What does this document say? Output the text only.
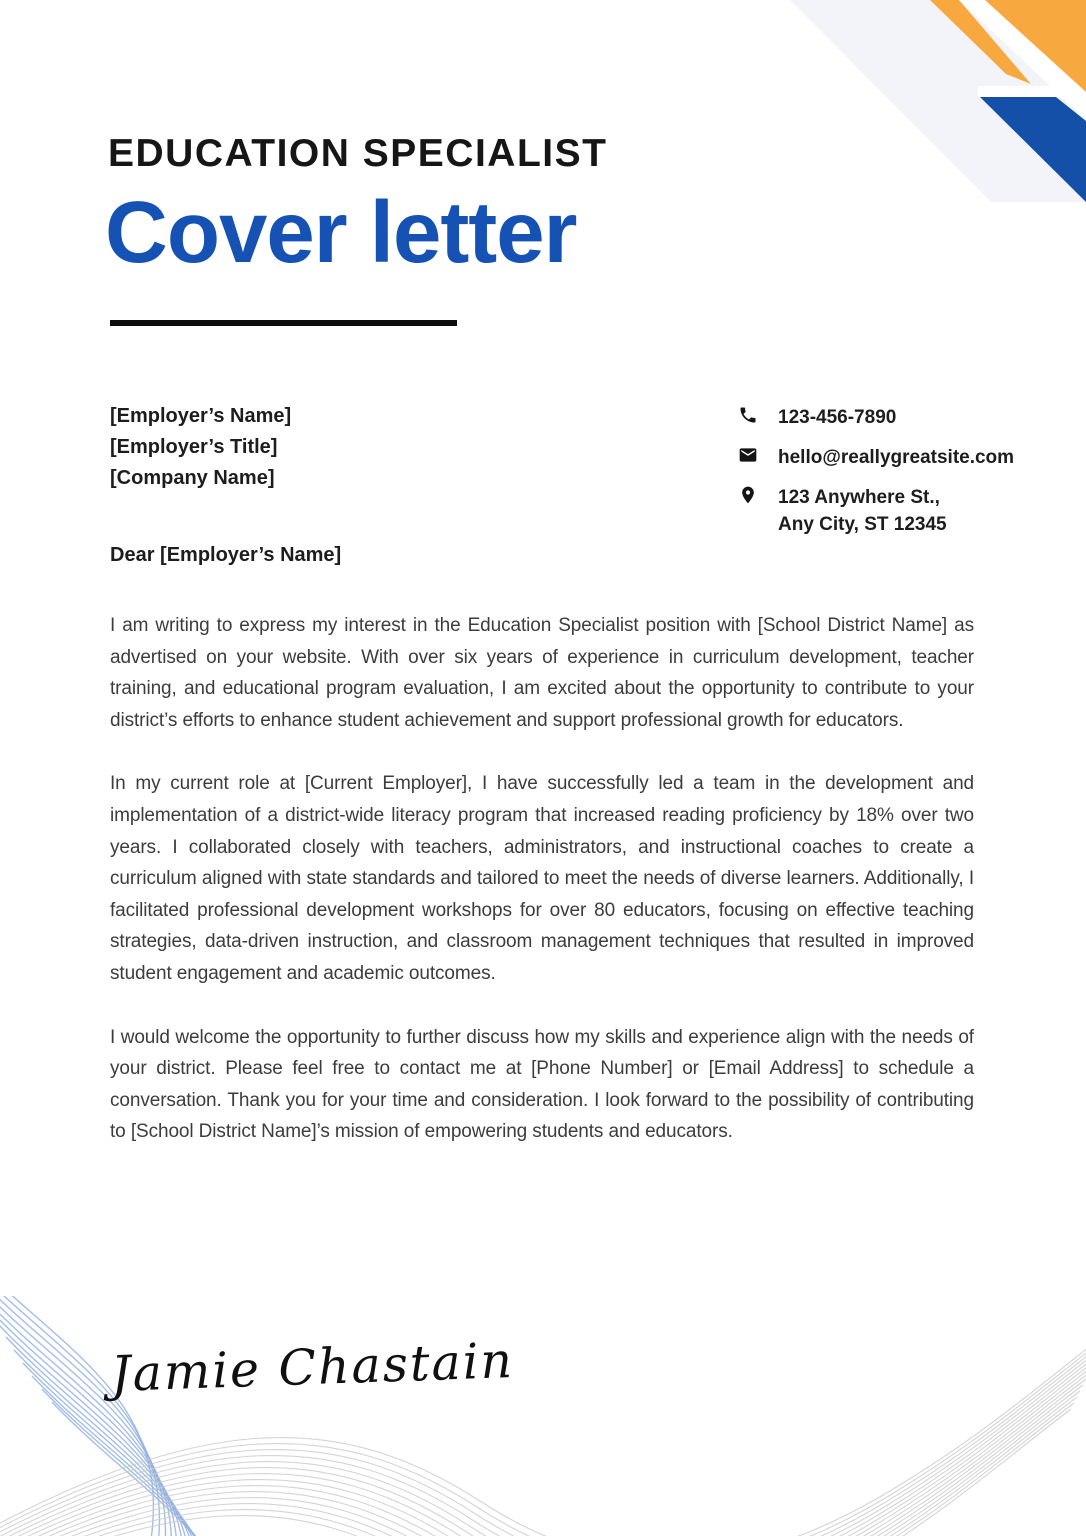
EDUCATION SPECIALIST
Cover letter
[Employer’s Name]
[Employer’s Title]
[Company Name]
123-456-7890
hello@reallygreatsite.com
123 Anywhere St.,
Any City, ST 12345
Dear [Employer’s Name]

I am writing to express my interest in the Education Specialist position with [School District Name] as advertised on your website. With over six years of experience in curriculum development, teacher training, and educational program evaluation, I am excited about the opportunity to contribute to your district’s efforts to enhance student achievement and support professional growth for educators.

In my current role at [Current Employer], I have successfully led a team in the development and implementation of a district-wide literacy program that increased reading proficiency by 18% over two years. I collaborated closely with teachers, administrators, and instructional coaches to create a curriculum aligned with state standards and tailored to meet the needs of diverse learners. Additionally, I facilitated professional development workshops for over 80 educators, focusing on effective teaching strategies, data-driven instruction, and classroom management techniques that resulted in improved student engagement and academic outcomes.

I would welcome the opportunity to further discuss how my skills and experience align with the needs of your district. Please feel free to contact me at [Phone Number] or [Email Address] to schedule a conversation. Thank you for your time and consideration. I look forward to the possibility of contributing to [School District Name]’s mission of empowering students and educators.

Jamie Chastain
